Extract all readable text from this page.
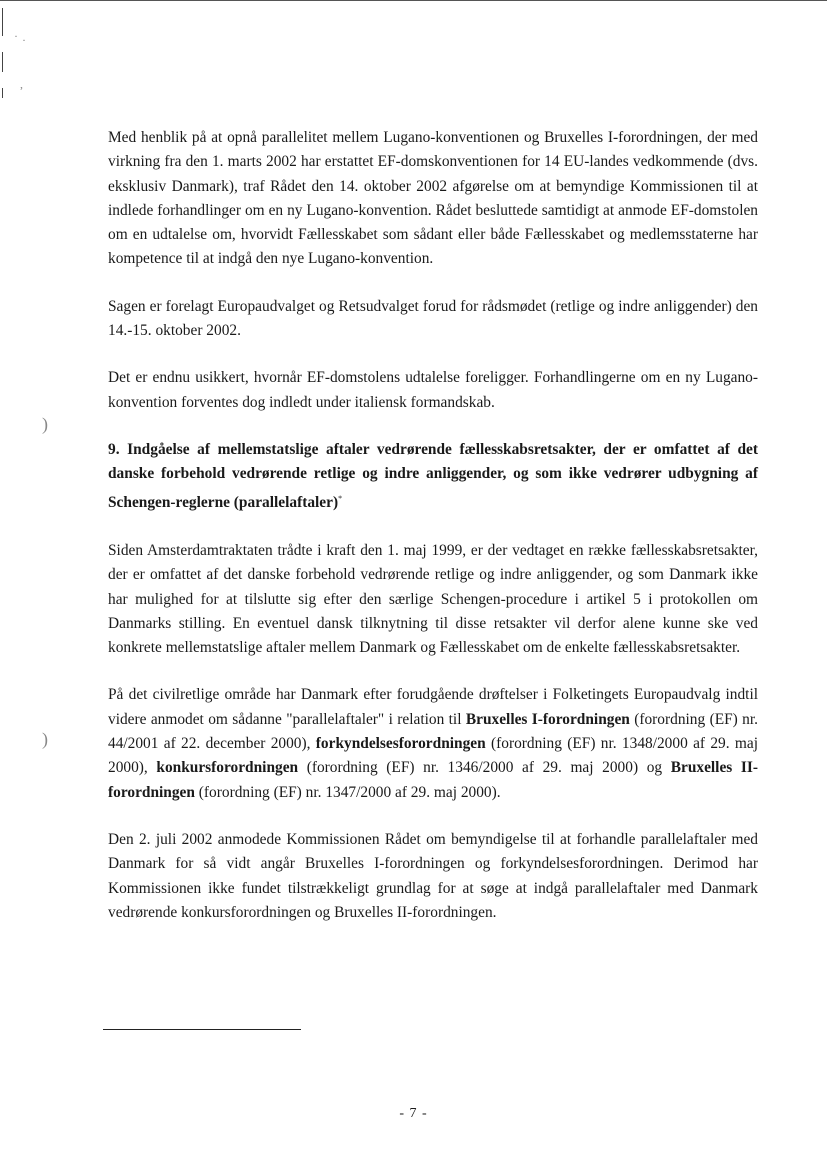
· ·
,
)
)

Med henblik på at opnå parallelitet mellem Lugano-konventionen og Bruxelles I-forordningen, der med virkning fra den 1. marts 2002 har erstattet EF-domskonventionen for 14 EU-landes vedkommende (dvs. eksklusiv Danmark), traf Rådet den 14. oktober 2002 afgørelse om at bemyndige Kommissionen til at indlede forhandlinger om en ny Lugano-konvention. Rådet besluttede samtidigt at anmode EF-domstolen om en udtalelse om, hvorvidt Fællesskabet som sådant eller både Fællesskabet og medlemsstaterne har kompetence til at indgå den nye Lugano-konvention.

Sagen er forelagt Europaudvalget og Retsudvalget forud for rådsmødet (retlige og indre anliggender) den 14.-15. oktober 2002.

Det er endnu usikkert, hvornår EF-domstolens udtalelse foreligger. Forhandlingerne om en ny Lugano-konvention forventes dog indledt under italiensk formandskab.

9. Indgåelse af mellemstatslige aftaler vedrørende fællesskabsretsakter, der er omfattet af det danske forbehold vedrørende retlige og indre anliggender, og som ikke vedrører udbygning af Schengen-reglerne (parallelaftaler)*

Siden Amsterdamtraktaten trådte i kraft den 1. maj 1999, er der vedtaget en række fællesskabsretsakter, der er omfattet af det danske forbehold vedrørende retlige og indre anliggender, og som Danmark ikke har mulighed for at tilslutte sig efter den særlige Schengen-procedure i artikel 5 i protokollen om Danmarks stilling. En eventuel dansk tilknytning til disse retsakter vil derfor alene kunne ske ved konkrete mellemstatslige aftaler mellem Danmark og Fællesskabet om de enkelte fællesskabsretsakter.

På det civilretlige område har Danmark efter forudgående drøftelser i Folketingets Europaudvalg indtil videre anmodet om sådanne "parallelaftaler" i relation til Bruxelles I-forordningen (forordning (EF) nr. 44/2001 af 22. december 2000), forkyndelsesforordningen (forordning (EF) nr. 1348/2000 af 29. maj 2000), konkursforordningen (forordning (EF) nr. 1346/2000 af 29. maj 2000) og Bruxelles II-forordningen (forordning (EF) nr. 1347/2000 af 29. maj 2000).

Den 2. juli 2002 anmodede Kommissionen Rådet om bemyndigelse til at forhandle parallelaftaler med Danmark for så vidt angår Bruxelles I-forordningen og forkyndelsesforordningen. Derimod har Kommissionen ikke fundet tilstrækkeligt grundlag for at søge at indgå parallelaftaler med Danmark vedrørende konkursforordningen og Bruxelles II-forordningen.

- 7 -
